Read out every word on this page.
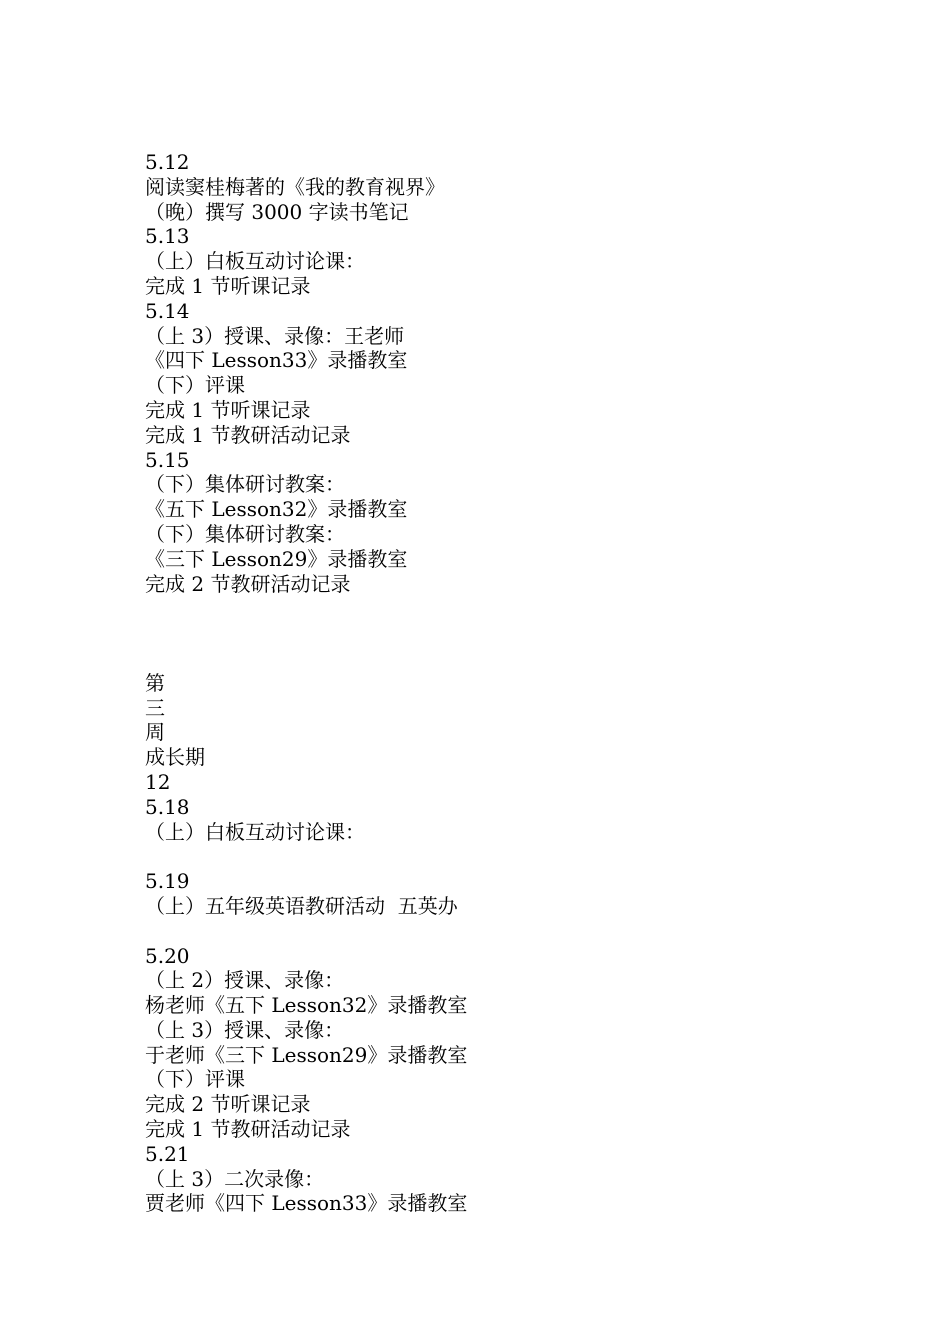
5.12
阅读窦桂梅著的《我的教育视界》
（晚）撰写 3000 字读书笔记
5.13
（上）白板互动讨论课：
完成 1 节听课记录
5.14
（上 3）授课、录像：王老师
《四下 Lesson33》录播教室
（下）评课
完成 1 节听课记录
完成 1 节教研活动记录
5.15
（下）集体研讨教案：
《五下 Lesson32》录播教室
（下）集体研讨教案：
《三下 Lesson29》录播教室
完成 2 节教研活动记录
第
三
周
成长期
12
5.18
（上）白板互动讨论课：
5.19
（上）五年级英语教研活动  五英办
5.20
（上 2）授课、录像：
杨老师《五下 Lesson32》录播教室
（上 3）授课、录像：
于老师《三下 Lesson29》录播教室
（下）评课
完成 2 节听课记录
完成 1 节教研活动记录
5.21
（上 3）二次录像：
贾老师《四下 Lesson33》录播教室
